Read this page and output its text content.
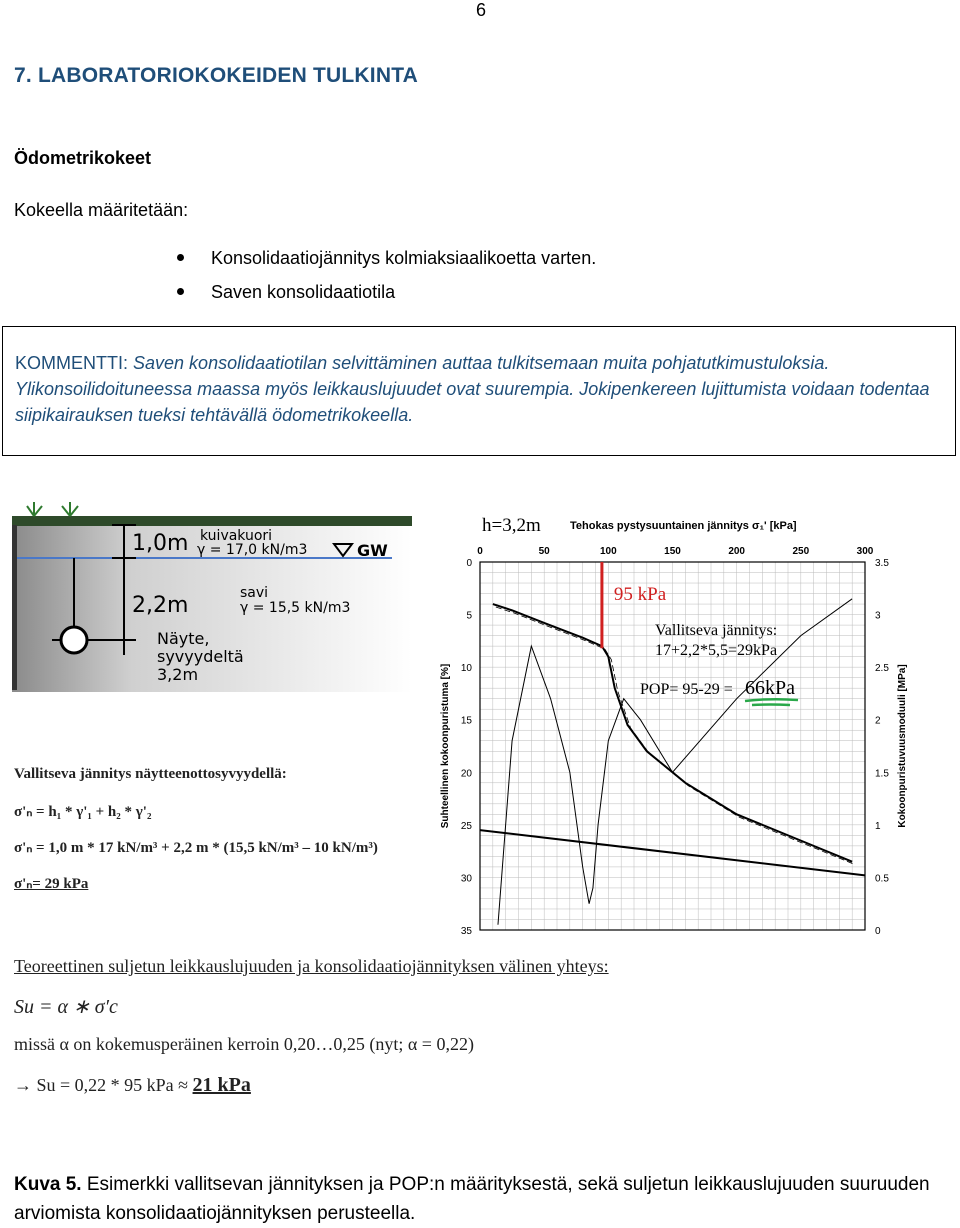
6
7. LABORATORIOKOKEIDEN TULKINTA
Ödometrikokeet
Kokeella määritetään:
Konsolidaatiojännitys kolmiaksiaalikoetta varten.
Saven konsolidaatiotila
KOMMENTTI: Saven konsolidaatiotilan selvittäminen auttaa tulkitsemaan muita pohjatutkimustuloksia. Ylikonsoilidoituneessa maassa myös leikkauslujuudet ovat suurempia. Jokipenkereen lujittumista voidaan todentaa siipikairauksen tueksi tehtävällä ödometrikokeella.
1,0m kuivakuori
γ = 17,0 kN/m3	GW
2,2m	savi
γ = 15,5 kN/m3
Näyte,
syvyydeltä
3,2m
0	50	100	150	200	250	300
0
5
10
15
20
25
30
35
3.5
3
2.5
2
1.5
1
0.5
0
h=3,2m	Tehokas pystysuuntainen jännitys σ₁' [kPa]
Suhteellinen kokoonpuristuma [%]	Kokoonpuristuvuusmoduuli [MPa]
95 kPa
Vallitseva jännitys:
17+2,2*5,5=29kPa
POP= 95-29 = 66kPa
Vallitseva jännitys näytteenottosyvyydellä:
σ'ₙ = h₁ * γ'₁ + h₂ * γ'₂
σ'ₙ = 1,0 m * 17 kN/m³ + 2,2 m * (15,5 kN/m³ – 10 kN/m³)
σ'ₙ= 29 kPa
Teoreettinen suljetun leikkauslujuuden ja konsolidaatiojännityksen välinen yhteys:
Su = α ∗ σ′c
missä α on kokemusperäinen kerroin 0,20…0,25 (nyt; α = 0,22)
→ Su = 0,22 * 95 kPa ≈ 21 kPa
Kuva 5. Esimerkki vallitsevan jännityksen ja POP:n määrityksestä, sekä suljetun leikkauslujuuden suuruuden arviomista konsolidaatiojännityksen perusteella.
